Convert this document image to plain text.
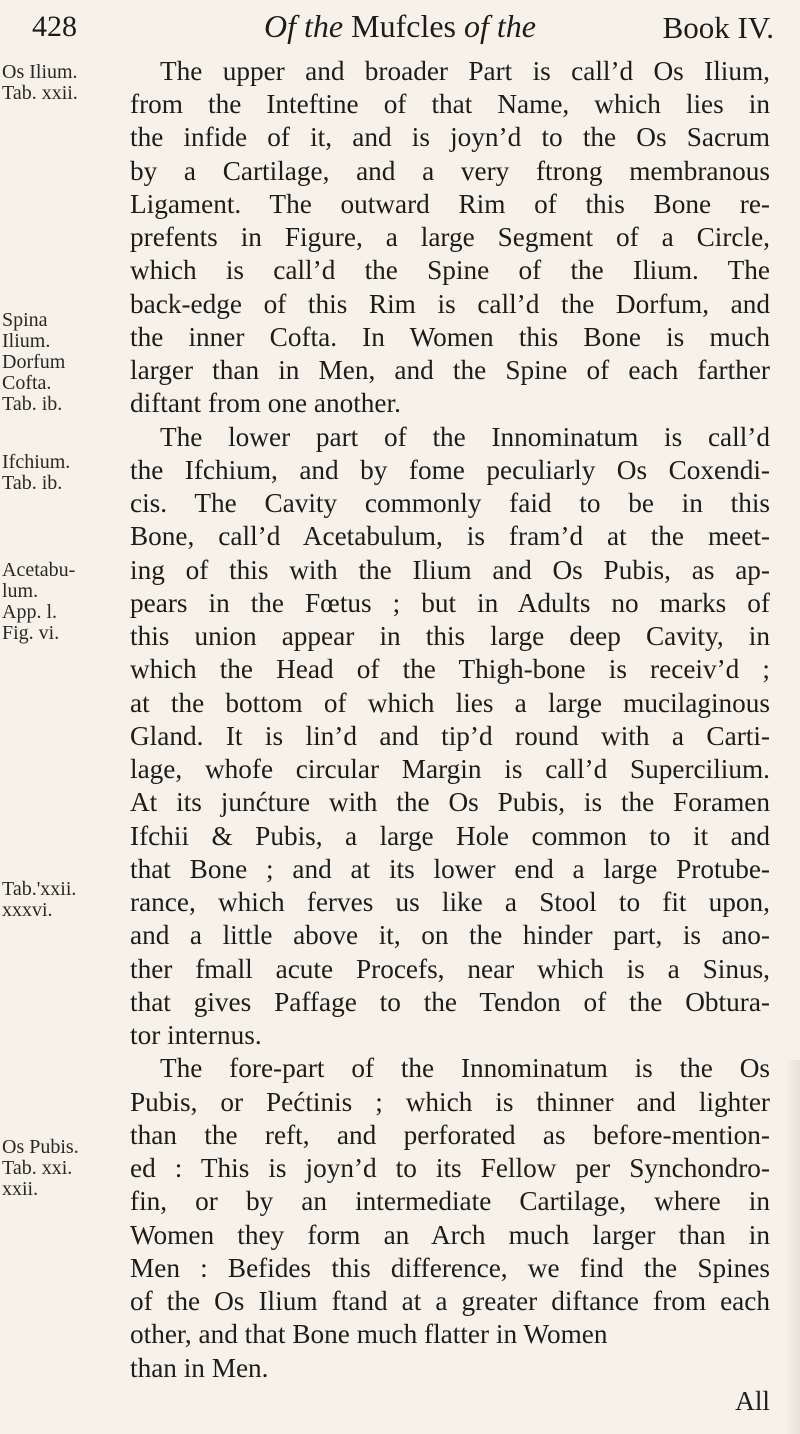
428	Of the Mufcles of the	Book IV.
Os Ilium.
Tab. xxii.
Spina
Ilium.
Dorfum
Cofta.
Tab. ib.
Ifchium.
Tab. ib.
Acetabu-
lum.
App. l.
Fig. vi.
Tab.'xxii.
xxxvi.
Os Pubis.
Tab. xxi.
xxii.
The upper and broader Part is call’d Os Ilium,
from the Inteftine of that Name, which lies in
the infide of it, and is joyn’d to the Os Sacrum
by a Cartilage, and a very ftrong membranous
Ligament. The outward Rim of this Bone re-
prefents in Figure, a large Segment of a Circle,
which is call’d the Spine of the Ilium. The
back-edge of this Rim is call’d the Dorfum, and
the inner Cofta. In Women this Bone is much
larger than in Men, and the Spine of each farther
diftant from one another.
The lower part of the Innominatum is call’d
the Ifchium, and by fome peculiarly Os Coxendi-
cis. The Cavity commonly faid to be in this
Bone, call’d Acetabulum, is fram’d at the meet-
ing of this with the Ilium and Os Pubis, as ap-
pears in the Fœtus ; but in Adults no marks of
this union appear in this large deep Cavity, in
which the Head of the Thigh-bone is receiv’d ;
at the bottom of which lies a large mucilaginous
Gland. It is lin’d and tip’d round with a Carti-
lage, whofe circular Margin is call’d Supercilium.
At its junćture with the Os Pubis, is the Foramen
Ifchii & Pubis, a large Hole common to it and
that Bone ; and at its lower end a large Protube-
rance, which ferves us like a Stool to fit upon,
and a little above it, on the hinder part, is ano-
ther fmall acute Procefs, near which is a Sinus,
that gives Paffage to the Tendon of the Obtura-
tor internus.
The fore-part of the Innominatum is the Os
Pubis, or Pećtinis ; which is thinner and lighter
than the reft, and perforated as before-mention-
ed : This is joyn’d to its Fellow per Synchondro-
fin, or by an intermediate Cartilage, where in
Women they form an Arch much larger than in
Men : Befides this difference, we find the Spines
of the Os Ilium ftand at a greater diftance from each
other, and that Bone much flatter in Women
than in Men.
All
